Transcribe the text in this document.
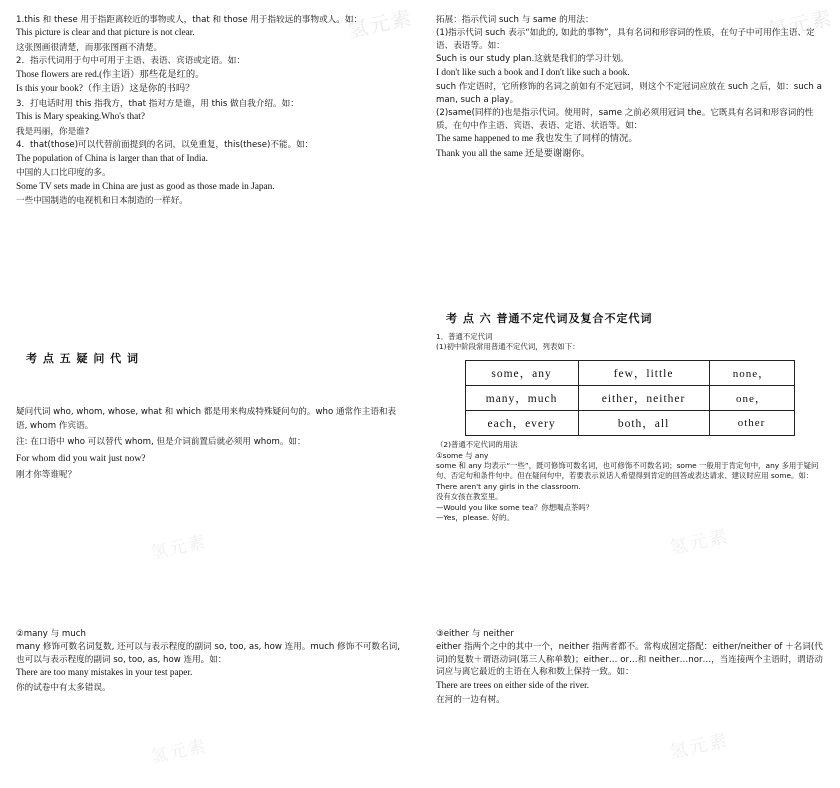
1.this 和 these 用于指距离较近的事物或人，that 和 those 用于指较远的事物或人。如：

This picture is clear and that picture is not clear.

这张图画很清楚，而那张图画不清楚。

2．指示代词用于句中可用于主语、表语、宾语或定语。如：

Those flowers are red.(作主语）那些花是红的。

Is this your book?（作主语）这是你的书吗？

3．打电话时用 this 指我方，that 指对方是谁，用 this 做自我介绍。如：

This is Mary speaking.Who's that?

我是玛丽，你是谁?

4．that(those)可以代替前面提到的名词，以免重复，this(these)不能。如：

The population of China is larger than that of India.

中国的人口比印度的多。

Some TV sets made in China are just as good as those made in Japan.

一些中国制造的电视机和日本制造的一样好。

氢元素 拓展：指示代词 such 与 same 的用法：

(1)指示代词 such 表示“如此的, 如此的事物”，具有名词和形容词的性质，在句子中可用作主语、定语、表语等。如：

Such is our study plan.这就是我们的学习计划。

I don't like such a book and I don't like such a book.

such 作定语时，它所修饰的名词之前如有不定冠词，则这个不定冠词应放在 such 之后，如：such a man, such a play。

(2)same(同样的)也是指示代词。使用时，same 之前必须用冠词 the。它既具有名词和形容词的性质，在句中作主语、宾语、表语、定语、状语等。如：

The same happened to me 我也发生了同样的情况。

Thank you all the same 还是要谢谢你。

氢元素
考 点 五 疑 问 代 词

疑问代词 who, whom, whose, what 和 which 都是用来构成特殊疑问句的。who 通常作主语和表语, whom 作宾语。

注: 在口语中 who 可以替代 whom, 但是介词前置后就必须用 whom。如：

For whom did you wait just now?

刚才你等谁呢？

氢元素
考 点 六 普通不定代词及复合不定代词

1．普通不定代词

(1)初中阶段常用普通不定代词，列表如下：

some，any	few，little	none，
many，much	either，neither	one，
each，every	both，all	other

（2)普通不定代词的用法

①some 与 any

some 和 any 均表示“一些”，既可修饰可数名词，也可修饰不可数名词；some 一般用于肯定句中，any 多用于疑问句、否定句和条件句中。但在疑问句中，若要表示说话人希望得到肯定的回答或表达请求、建议时应用 some。如：

There aren't any girls in the classroom.

没有女孩在教室里。

—Would you like some tea？你想喝点茶吗？

—Yes，please. 好的。

氢元素

②many 与 much

many 修饰可数名词复数, 还可以与表示程度的副词 so, too, as, how 连用。much 修饰不可数名词, 也可以与表示程度的副词 so, too, as, how 连用。如：

There are too many mistakes in your test paper.

你的试卷中有太多错误。

氢元素

③either 与 neither

either 指两个之中的其中一个，neither 指两者都不。常构成固定搭配：either/neither of ＋名词(代词)的复数＋谓语动词(第三人称单数)；either… or…和 neither…nor…，当连接两个主语时，谓语动词应与离它最近的主语在人称和数上保持一致。如：

There are trees on either side of the river.

在河的一边有树。

氢元素
